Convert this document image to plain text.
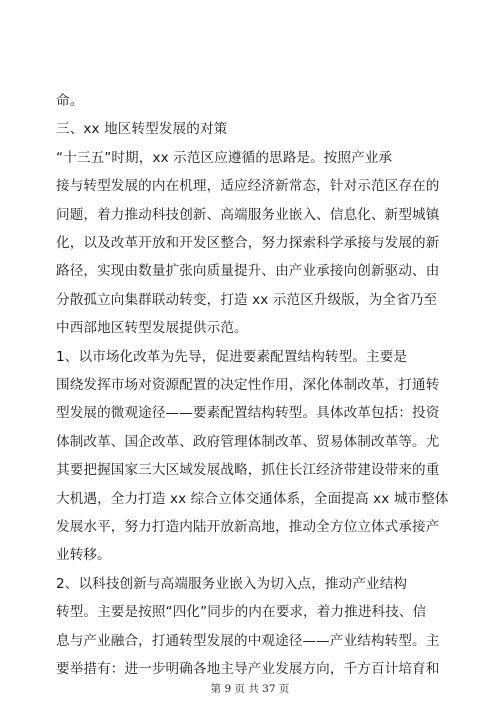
命。
三、xx 地区转型发展的对策
“十三五”时期，xx 示范区应遵循的思路是。按照产业承
接与转型发展的内在机理，适应经济新常态，针对示范区存在的
问题，着力推动科技创新、高端服务业嵌入、信息化、新型城镇
化，以及改革开放和开发区整合，努力探索科学承接与发展的新
路径，实现由数量扩张向质量提升、由产业承接向创新驱动、由
分散孤立向集群联动转变，打造 xx 示范区升级版，为全省乃至
中西部地区转型发展提供示范。
1、以市场化改革为先导，促进要素配置结构转型。主要是
围绕发挥市场对资源配置的决定性作用，深化体制改革，打通转
型发展的微观途径——要素配置结构转型。具体改革包括：投资
体制改革、国企改革、政府管理体制改革、贸易体制改革等。尤
其要把握国家三大区域发展战略，抓住长江经济带建设带来的重
大机遇，全力打造 xx 综合立体交通体系，全面提高 xx 城市整体
发展水平，努力打造内陆开放新高地，推动全方位立体式承接产
业转移。
2、以科技创新与高端服务业嵌入为切入点，推动产业结构
转型。主要是按照“四化”同步的内在要求，着力推进科技、信
息与产业融合，打通转型发展的中观途径——产业结构转型。主
要举措有：进一步明确各地主导产业发展方向，千方百计培育和
第 9 页 共 37 页
